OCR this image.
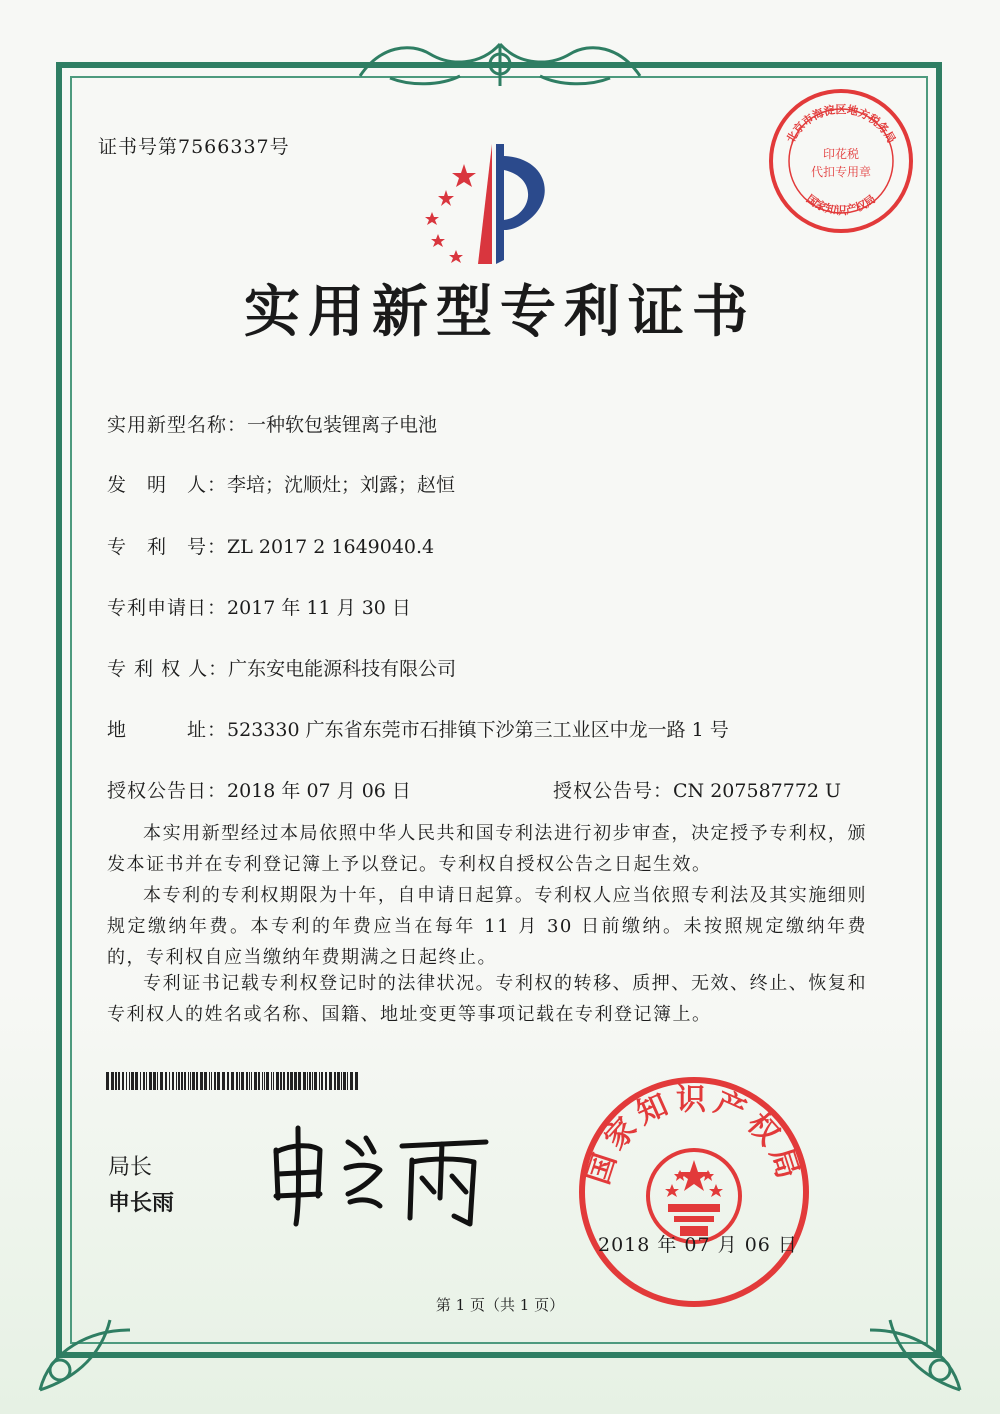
证书号第7566337号	北京市海淀区地方税务局
印花税
代扣专用章
国家知识产权局
实用新型专利证书
实用新型名称：一种软包装锂离子电池
发　明　人：李培；沈顺灶；刘露；赵恒
专　利　号：ZL 2017 2 1649040.4
专利申请日：2017 年 11 月 30 日
专 利 权 人：广东安电能源科技有限公司
地　　　址：523330 广东省东莞市石排镇下沙第三工业区中龙一路 1 号
授权公告日：2018 年 07 月 06 日	授权公告号：CN 207587772 U
本实用新型经过本局依照中华人民共和国专利法进行初步审查，决定授予专利权，颁发本证书并在专利登记簿上予以登记。专利权自授权公告之日起生效。
本专利的专利权期限为十年，自申请日起算。专利权人应当依照专利法及其实施细则规定缴纳年费。本专利的年费应当在每年 11 月 30 日前缴纳。未按照规定缴纳年费的，专利权自应当缴纳年费期满之日起终止。
专利证书记载专利权登记时的法律状况。专利权的转移、质押、无效、终止、恢复和专利权人的姓名或名称、国籍、地址变更等事项记载在专利登记簿上。
局长
申长雨
国家知识产权局
2018 年 07 月 06 日
第 1 页（共 1 页）
